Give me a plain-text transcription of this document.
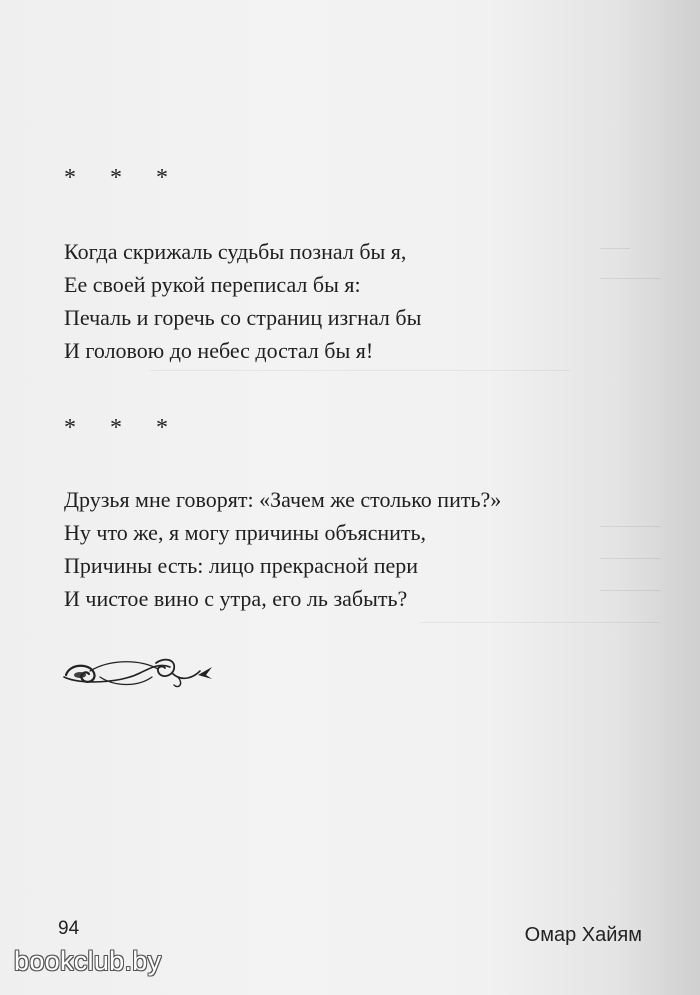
* * *
Когда скрижаль судьбы познал бы я,
Ее своей рукой переписал бы я:
Печаль и горечь со страниц изгнал бы
И головою до небес достал бы я!
* * *
Друзья мне говорят: «Зачем же столько пить?»
Ну что же, я могу причины объяснить,
Причины есть: лицо прекрасной пери
И чистое вино с утра, его ль забыть?
94	Омар Хайям
bookclub.by
